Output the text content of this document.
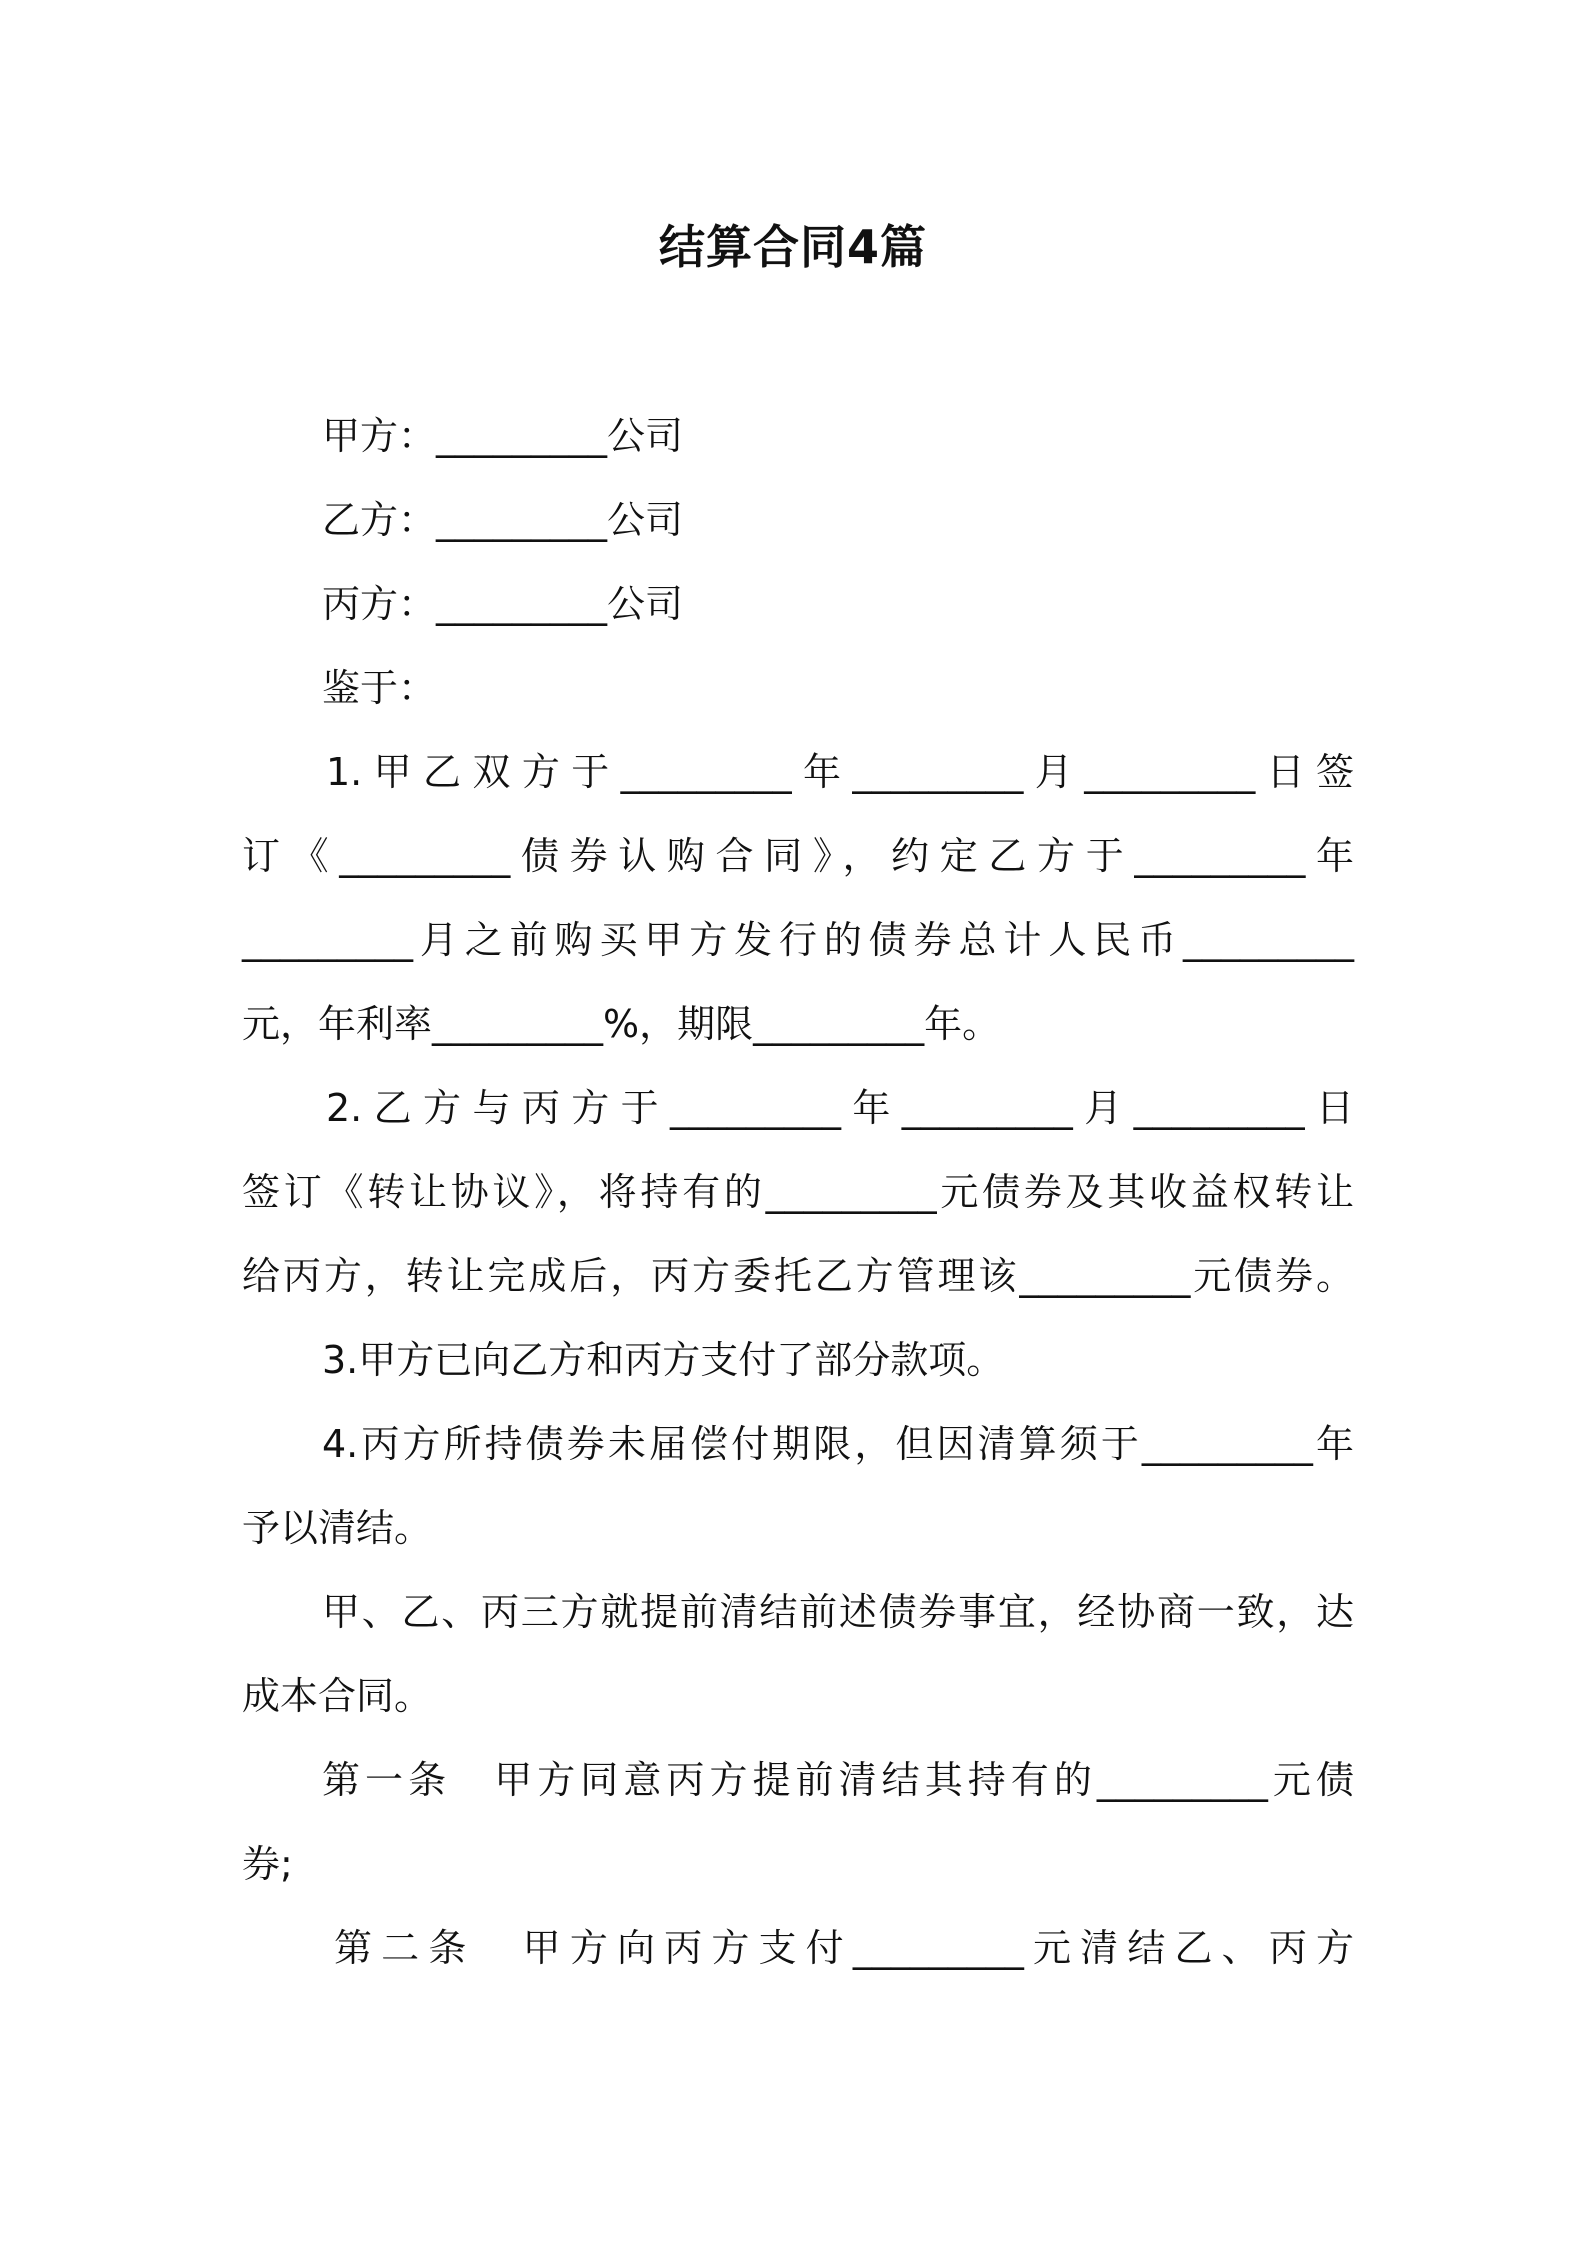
结算合同4篇
甲方：_________公司
乙方：_________公司
丙方：_________公司
鉴于：
1.甲乙双方于_________年_________月_________日签
订《_________债券认购合同》，约定乙方于_________年
_________月之前购买甲方发行的债券总计人民币_________
元，年利率_________%，期限_________年。
2.乙方与丙方于_________年_________月_________日
签订《转让协议》，将持有的_________元债券及其收益权转让
给丙方，转让完成后，丙方委托乙方管理该_________元债券。
3.甲方已向乙方和丙方支付了部分款项。
4.丙方所持债券未届偿付期限，但因清算须于_________年
予以清结。
甲、乙、丙三方就提前清结前述债券事宜，经协商一致，达
成本合同。
第一条　甲方同意丙方提前清结其持有的_________元债
券;
第二条　甲方向丙方支付_________元清结乙、丙方
